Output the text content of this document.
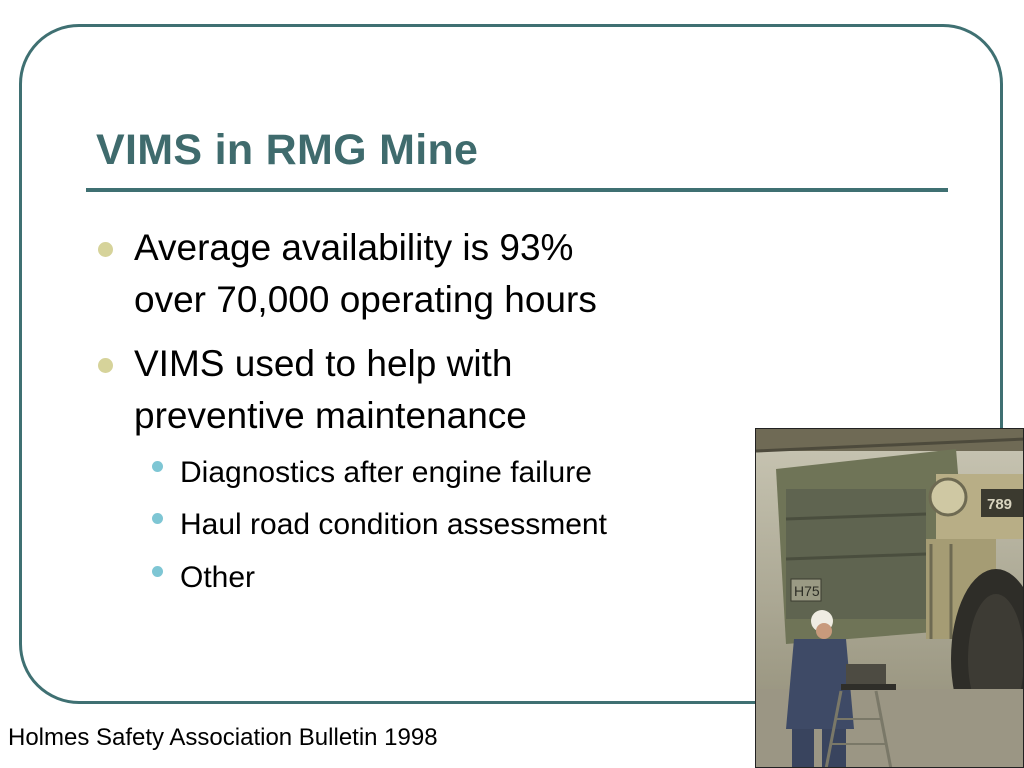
VIMS in RMG Mine
Average availability is 93%
over 70,000 operating hours
VIMS used to help with
preventive maintenance
Diagnostics after engine failure
Haul road condition assessment
Other	H75
789
Holmes Safety Association Bulletin 1998
